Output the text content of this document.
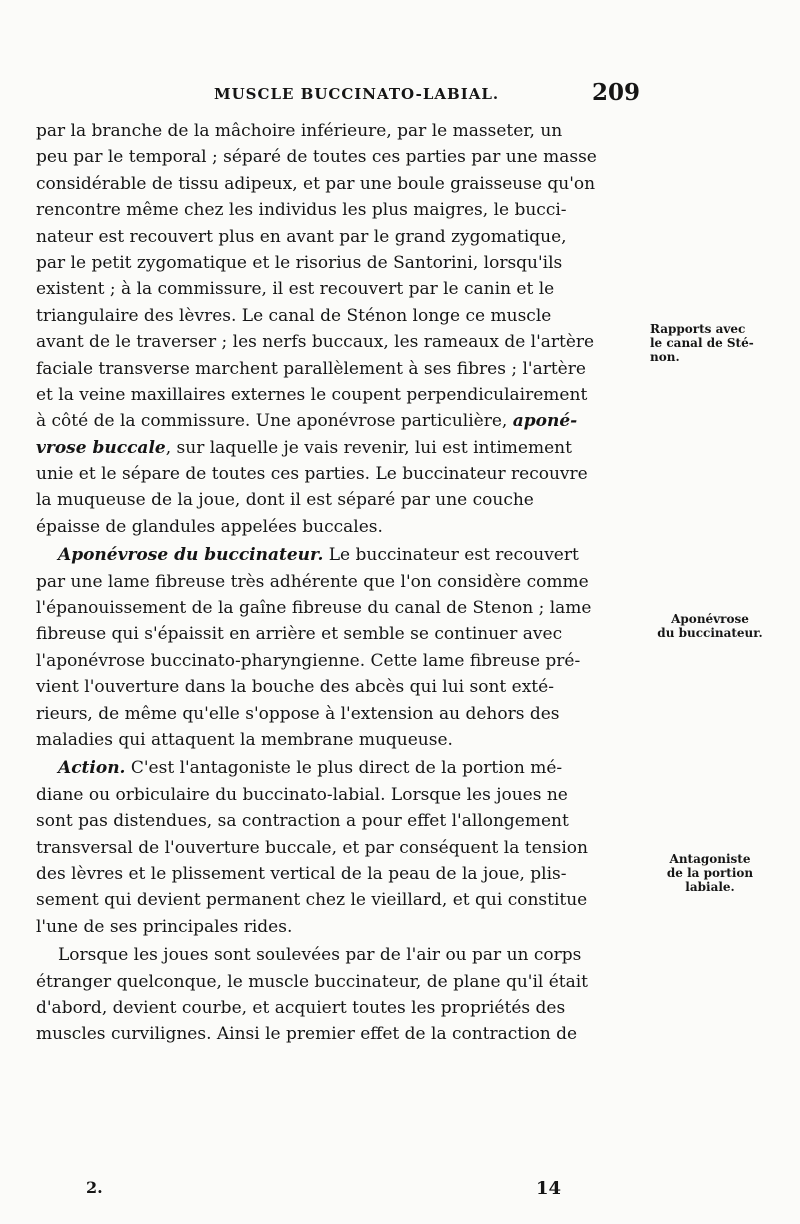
MUSCLE BUCCINATO-LABIAL.	209
par la branche de la mâchoire inférieure, par le masseter, un
peu par le temporal ; séparé de toutes ces parties par une masse
considérable de tissu adipeux, et par une boule graisseuse qu'on
rencontre même chez les individus les plus maigres, le bucci-
nateur est recouvert plus en avant par le grand zygomatique,
par le petit zygomatique et le risorius de Santorini, lorsqu'ils
existent ; à la commissure, il est recouvert par le canin et le
triangulaire des lèvres. Le canal de Sténon longe ce muscle
avant de le traverser ; les nerfs buccaux, les rameaux de l'artère
faciale transverse marchent parallèlement à ses fibres ; l'artère
et la veine maxillaires externes le coupent perpendiculairement
à côté de la commissure. Une aponévrose particulière, aponé-
vrose buccale, sur laquelle je vais revenir, lui est intimement
unie et le sépare de toutes ces parties. Le buccinateur recouvre
la muqueuse de la joue, dont il est séparé par une couche
épaisse de glandules appelées buccales.
Aponévrose du buccinateur. Le buccinateur est recouvert
par une lame fibreuse très adhérente que l'on considère comme
l'épanouissement de la gaîne fibreuse du canal de Stenon ; lame
fibreuse qui s'épaissit en arrière et semble se continuer avec
l'aponévrose buccinato-pharyngienne. Cette lame fibreuse pré-
vient l'ouverture dans la bouche des abcès qui lui sont exté-
rieurs, de même qu'elle s'oppose à l'extension au dehors des
maladies qui attaquent la membrane muqueuse.
Action. C'est l'antagoniste le plus direct de la portion mé-
diane ou orbiculaire du buccinato-labial. Lorsque les joues ne
sont pas distendues, sa contraction a pour effet l'allongement
transversal de l'ouverture buccale, et par conséquent la tension
des lèvres et le plissement vertical de la peau de la joue, plis-
sement qui devient permanent chez le vieillard, et qui constitue
l'une de ses principales rides.
Lorsque les joues sont soulevées par de l'air ou par un corps
étranger quelconque, le muscle buccinateur, de plane qu'il était
d'abord, devient courbe, et acquiert toutes les propriétés des
muscles curvilignes. Ainsi le premier effet de la contraction de
Rapports avec
le canal de Sté-
non.
Aponévrose
du buccinateur.
Antagoniste
de la portion
labiale.
2.	14
